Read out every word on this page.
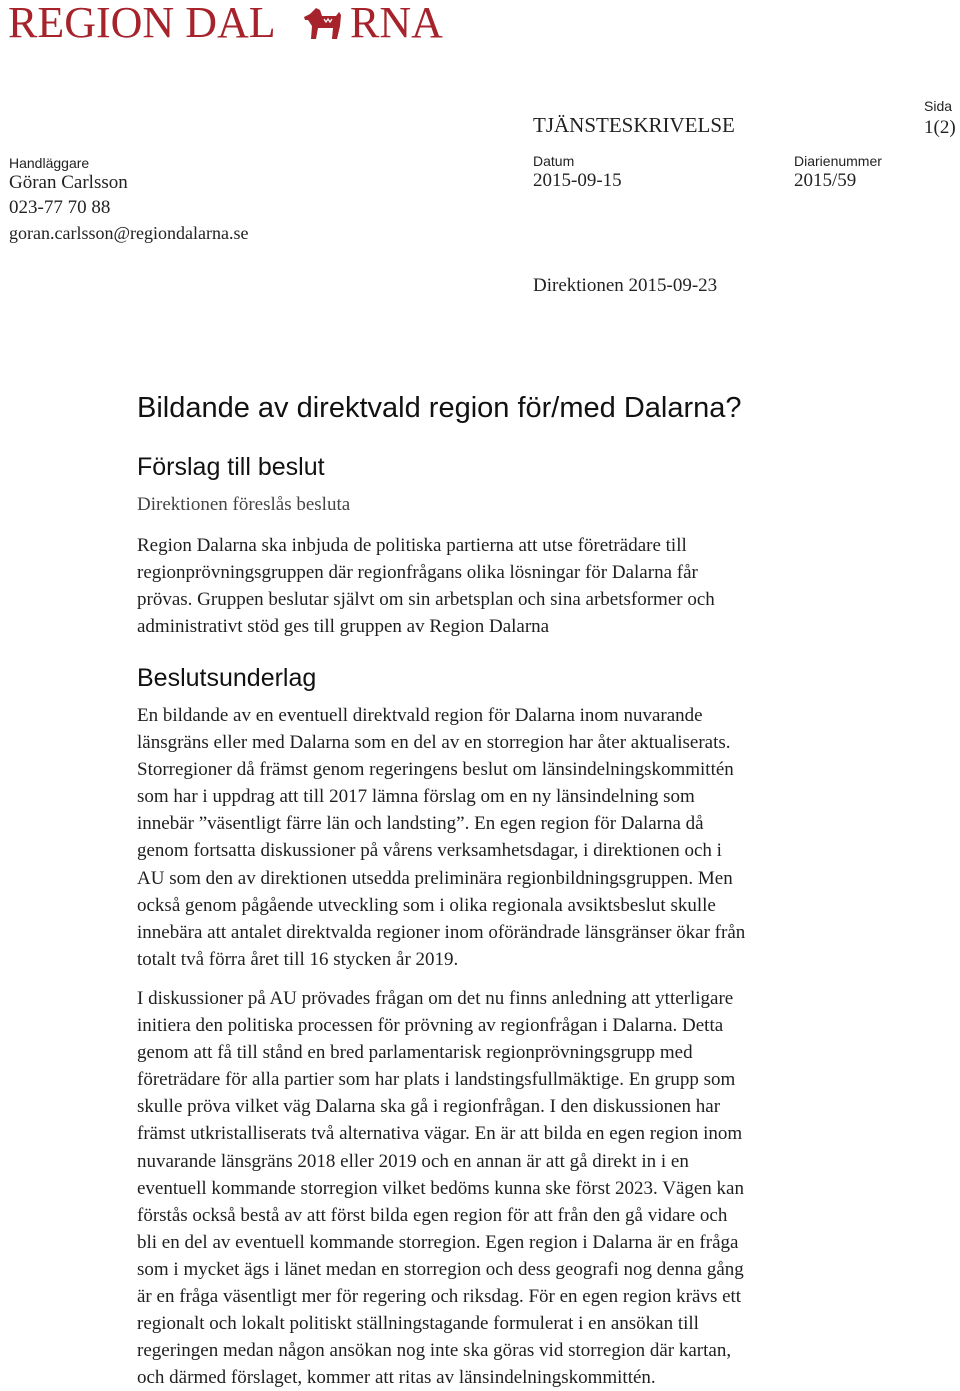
REGION DAL RNA
Sida
TJÄNSTESKRIVELSE	1(2)
Handläggare	Datum	Diarienummer
Göran Carlsson	2015-09-15	2015/59
023-77 70 88
goran.carlsson@regiondalarna.se
Direktionen 2015-09-23
Bildande av direktvald region för/med Dalarna?
Förslag till beslut
Direktionen föreslås besluta
Region Dalarna ska inbjuda de politiska partierna att utse företrädare till
regionprövningsgruppen där regionfrågans olika lösningar för Dalarna får
prövas. Gruppen beslutar självt om sin arbetsplan och sina arbetsformer och
administrativt stöd ges till gruppen av Region Dalarna
Beslutsunderlag
En bildande av en eventuell direktvald region för Dalarna inom nuvarande
länsgräns eller med Dalarna som en del av en storregion har åter aktualiserats.
Storregioner då främst genom regeringens beslut om länsindelningskommittén
som har i uppdrag att till 2017 lämna förslag om en ny länsindelning som
innebär ”väsentligt färre län och landsting”. En egen region för Dalarna då
genom fortsatta diskussioner på vårens verksamhetsdagar, i direktionen och i
AU som den av direktionen utsedda preliminära regionbildningsgruppen. Men
också genom pågående utveckling som i olika regionala avsiktsbeslut skulle
innebära att antalet direktvalda regioner inom oförändrade länsgränser ökar från
totalt två förra året till 16 stycken år 2019.
I diskussioner på AU prövades frågan om det nu finns anledning att ytterligare
initiera den politiska processen för prövning av regionfrågan i Dalarna. Detta
genom att få till stånd en bred parlamentarisk regionprövningsgrupp med
företrädare för alla partier som har plats i landstingsfullmäktige. En grupp som
skulle pröva vilket väg Dalarna ska gå i regionfrågan. I den diskussionen har
främst utkristalliserats två alternativa vägar. En är att bilda en egen region inom
nuvarande länsgräns 2018 eller 2019 och en annan är att gå direkt in i en
eventuell kommande storregion vilket bedöms kunna ske först 2023. Vägen kan
förstås också bestå av att först bilda egen region för att från den gå vidare och
bli en del av eventuell kommande storregion. Egen region i Dalarna är en fråga
som i mycket ägs i länet medan en storregion och dess geografi nog denna gång
är en fråga väsentligt mer för regering och riksdag. För en egen region krävs ett
regionalt och lokalt politiskt ställningstagande formulerat i en ansökan till
regeringen medan någon ansökan nog inte ska göras vid storregion där kartan,
och därmed förslaget, kommer att ritas av länsindelningskommittén.
